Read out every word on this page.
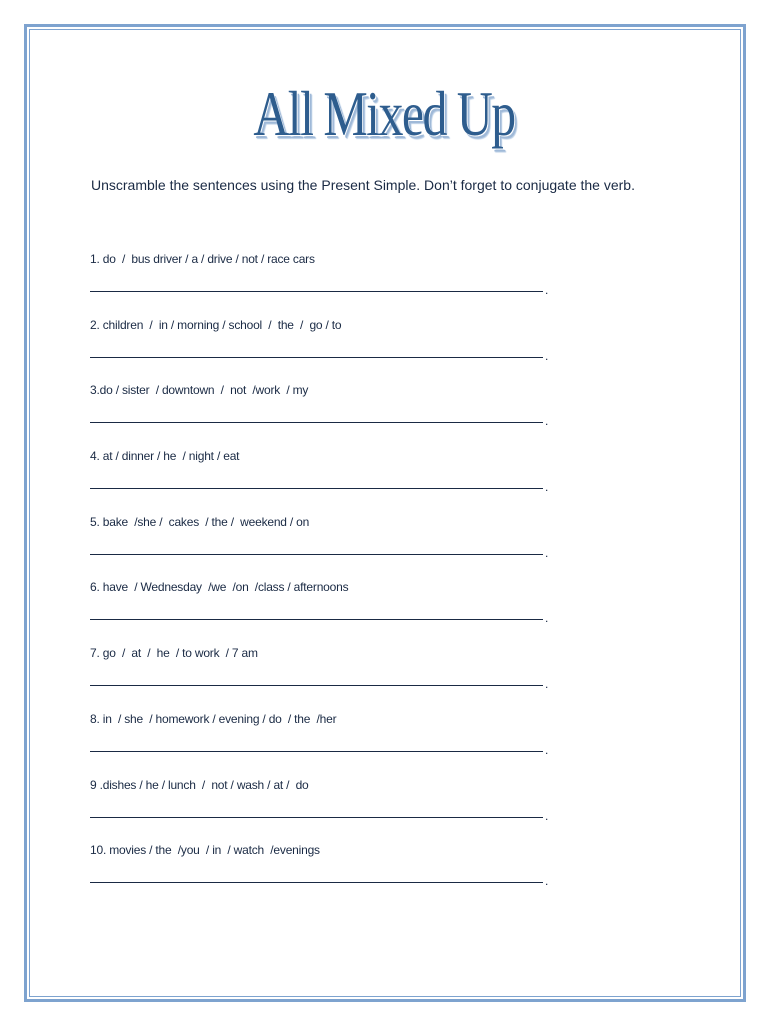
All Mixed Up
Unscramble the sentences using the Present Simple. Don’t forget to conjugate the verb.
1. do  /  bus driver / a / drive / not / race cars
.
2. children  /  in / morning / school  /  the  /  go / to
.
3.do / sister  / downtown  /  not  /work  / my
.
4. at / dinner / he  / night / eat
.
5. bake  /she /  cakes  / the /  weekend / on
.
6. have  / Wednesday  /we  /on  /class / afternoons
.
7. go  /  at  /  he  / to work  / 7 am
.
8. in  / she  / homework / evening / do  / the  /her
.
9 .dishes / he / lunch  /  not / wash / at /  do
.
10. movies / the  /you  / in  / watch  /evenings
.
